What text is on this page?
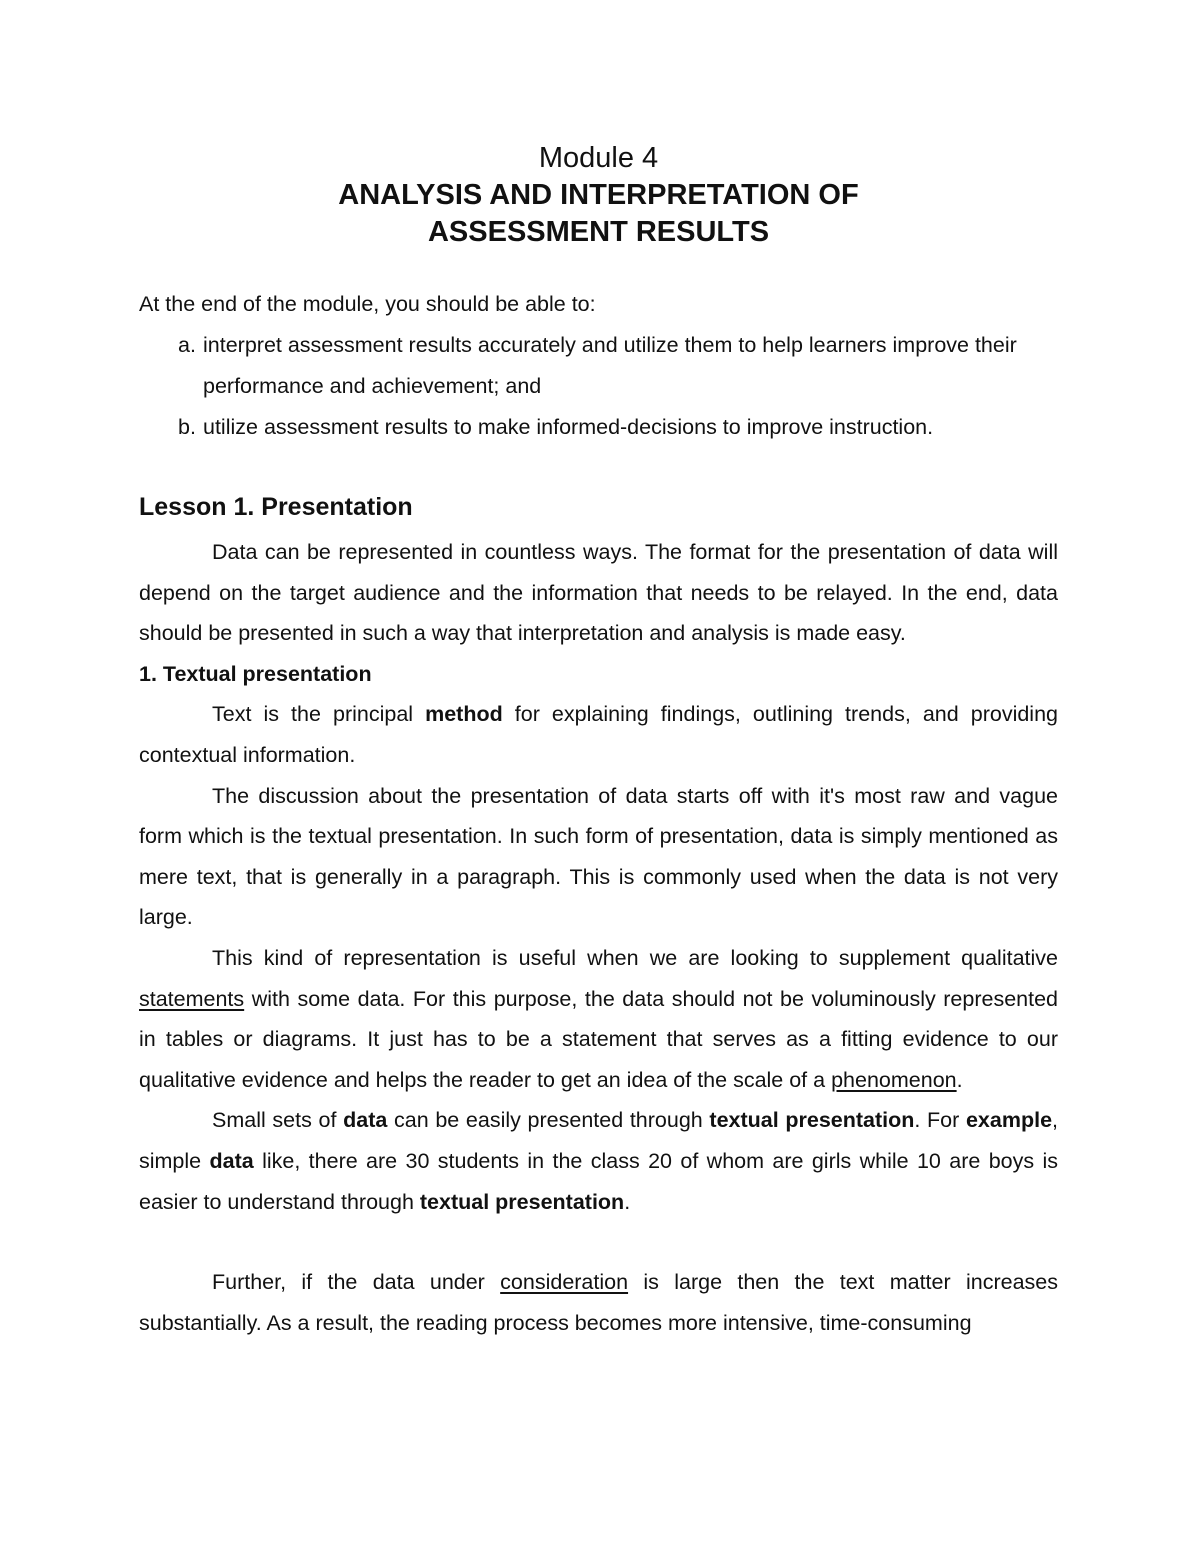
Module 4
ANALYSIS AND INTERPRETATION OF
ASSESSMENT RESULTS
At the end of the module, you should be able to:
a. interpret assessment results accurately and utilize them to help learners improve their performance and achievement; and
b. utilize assessment results to make informed-decisions to improve instruction.
Lesson 1. Presentation

Data can be represented in countless ways. The format for the presentation of data will depend on the target audience and the information that needs to be relayed. In the end, data should be presented in such a way that interpretation and analysis is made easy.

1. Textual presentation

Text is the principal method for explaining findings, outlining trends, and providing contextual information.

The discussion about the presentation of data starts off with it's most raw and vague form which is the textual presentation. In such form of presentation, data is simply mentioned as mere text, that is generally in a paragraph. This is commonly used when the data is not very large.

This kind of representation is useful when we are looking to supplement qualitative statements with some data. For this purpose, the data should not be voluminously represented in tables or diagrams. It just has to be a statement that serves as a fitting evidence to our qualitative evidence and helps the reader to get an idea of the scale of a phenomenon.

Small sets of data can be easily presented through textual presentation. For example, simple data like, there are 30 students in the class 20 of whom are girls while 10 are boys is easier to understand through textual presentation.

Further, if the data under consideration is large then the text matter increases substantially. As a result, the reading process becomes more intensive, time-consuming
